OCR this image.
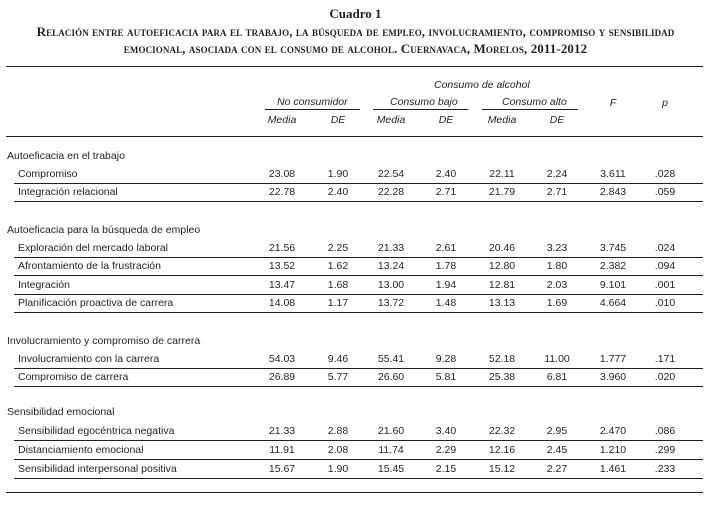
Cuadro 1
Relación entre autoeficacia para el trabajo, la búsqueda de empleo, involucramiento, compromiso y sensibilidad
emocional, asociada con el consumo de alcohol. Cuernavaca, Morelos, 2011-2012
Consumo de alcohol
No consumidor	Consumo bajo	Consumo alto
Media	DE	Media	DE	Media	DE
F	p
Autoeficacia en el trabajo
Compromiso	23.08	1.90	22.54	2.40	22.11	2.24	3.611	.028
Integración relacional	22.78	2.40	22.28	2.71	21.79	2.71	2.843	.059
Autoeficacia para la búsqueda de empleo
Exploración del mercado laboral	21.56	2.25	21.33	2.61	20.46	3.23	3.745	.024
Afrontamiento de la frustración	13.52	1.62	13.24	1.78	12.80	1.80	2.382	.094
Integración	13.47	1.68	13.00	1.94	12.81	2.03	9.101	.001
Planificación proactiva de carrera	14.08	1.17	13.72	1.48	13.13	1.69	4.664	.010
Involucramiento y compromiso de carrera
Involucramiento con la carrera	54.03	9.46	55.41	9.28	52.18	11.00	1.777	.171
Compromiso de carrera	26.89	5.77	26.60	5.81	25.38	6.81	3.960	.020
Sensibilidad emocional
Sensibilidad egocéntrica negativa	21.33	2.88	21.60	3.40	22.32	2.95	2.470	.086
Distanciamiento emocional	11.91	2.08	11.74	2.29	12.16	2.45	1.210	.299
Sensibilidad interpersonal positiva	15.67	1.90	15.45	2.15	15.12	2.27	1.461	.233
